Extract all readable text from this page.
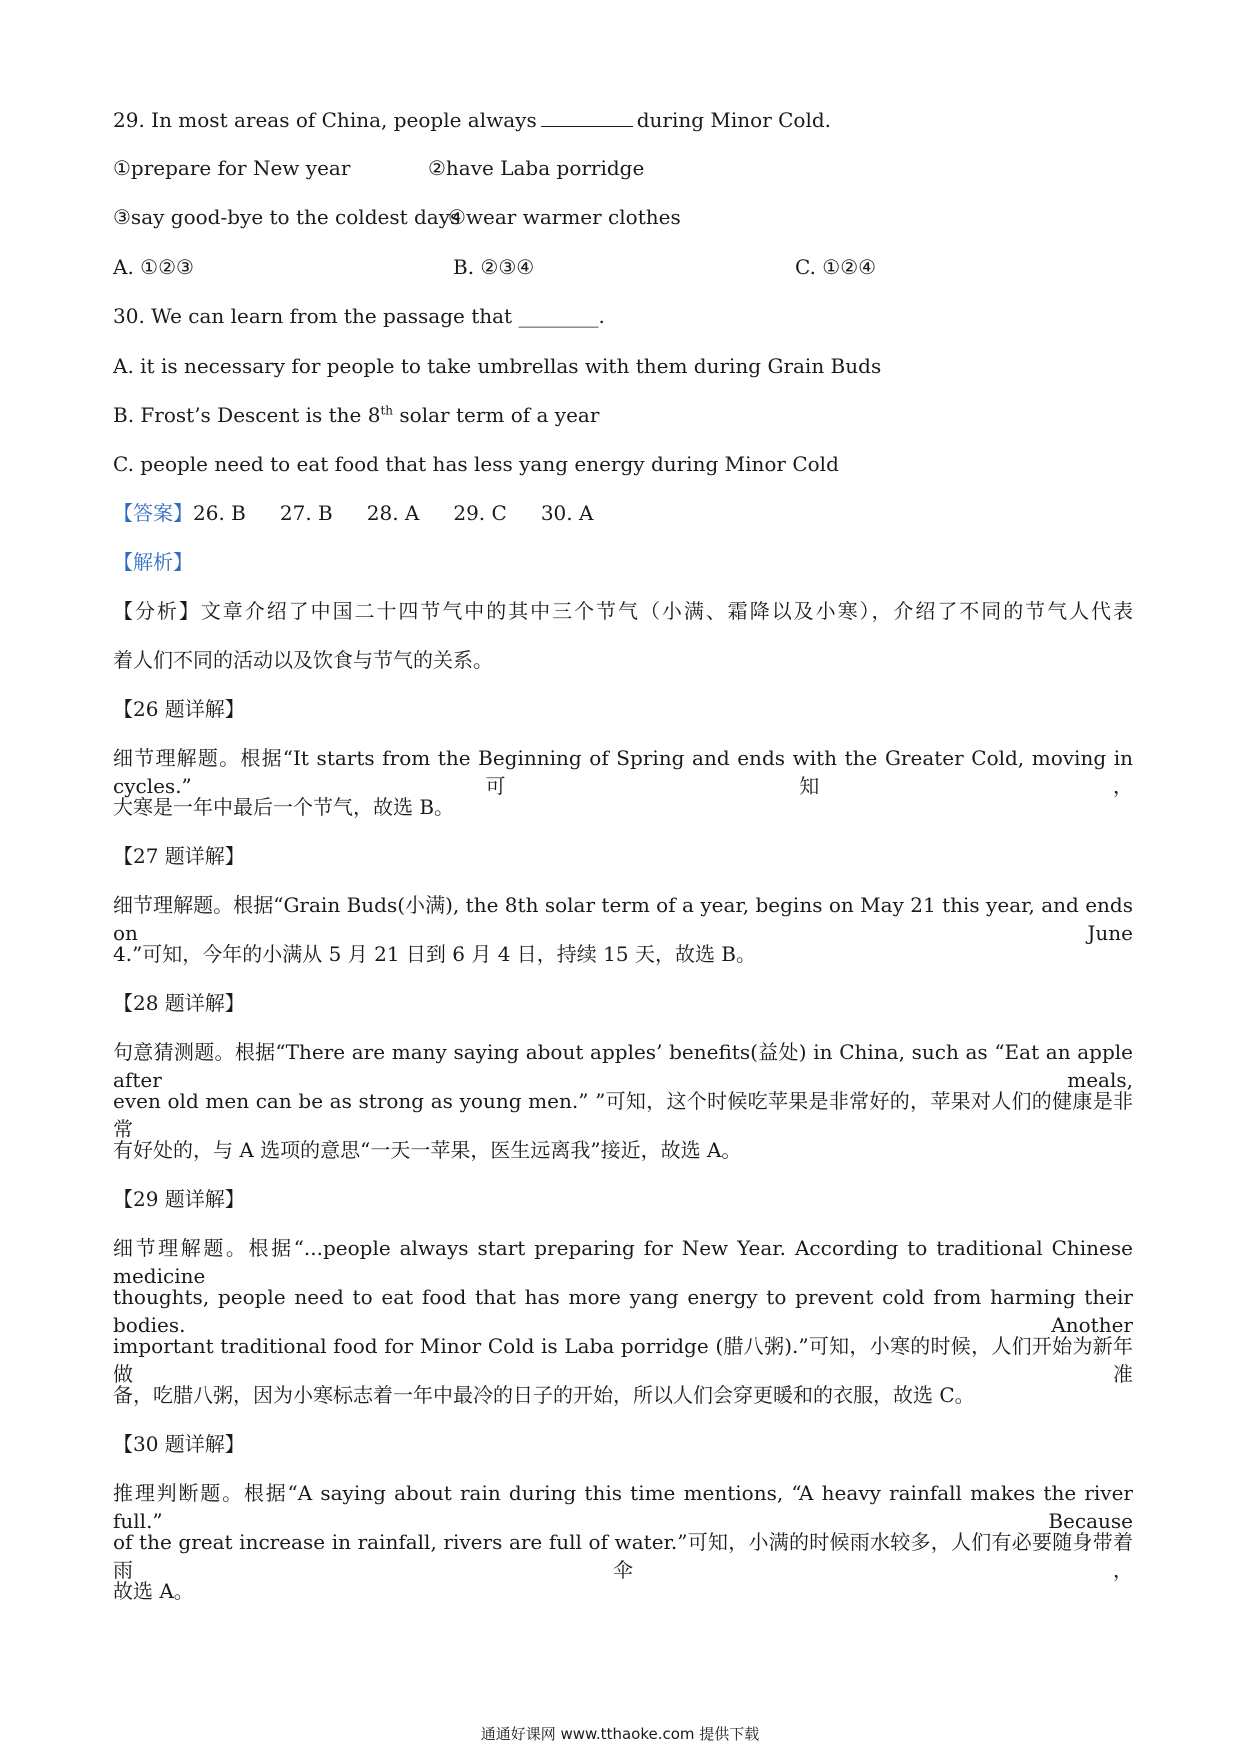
29. In most areas of China, people always	during Minor Cold.
①prepare for New year	②have Laba porridge
③say good-bye to the coldest days
④wear warmer clothes
A. ①②③	B. ②③④	C. ①②④
30. We can learn from the passage that ________.
A. it is necessary for people to take umbrellas with them during Grain Buds
B. Frost’s Descent is the 8th solar term of a year
C. people need to eat food that has less yang energy during Minor Cold
【答案】26. B 27. B 28. A 29. C 30. A
【解析】
【分析】文章介绍了中国二十四节气中的其中三个节气（小满、霜降以及小寒），介绍了不同的节气人代表
着人们不同的活动以及饮食与节气的关系。
【26 题详解】
细节理解题。根据“It starts from the Beginning of Spring and ends with the Greater Cold, moving in cycles.”可知，
大寒是一年中最后一个节气，故选 B。
【27 题详解】
细节理解题。根据“Grain Buds(小满), the 8th solar term of a year, begins on May 21 this year, and ends on June
4.”可知，今年的小满从 5 月 21 日到 6 月 4 日，持续 15 天，故选 B。
【28 题详解】
句意猜测题。根据“There are many saying about apples’ benefits(益处) in China, such as “Eat an apple after meals,
even old men can be as strong as young men.” ”可知，这个时候吃苹果是非常好的，苹果对人们的健康是非常
有好处的，与 A 选项的意思“一天一苹果，医生远离我”接近，故选 A。
【29 题详解】
细节理解题。根据“...people always start preparing for New Year. According to traditional Chinese medicine
thoughts, people need to eat food that has more yang energy to prevent cold from harming their bodies. Another
important traditional food for Minor Cold is Laba porridge (腊八粥).”可知，小寒的时候，人们开始为新年做准
备，吃腊八粥，因为小寒标志着一年中最冷的日子的开始，所以人们会穿更暖和的衣服，故选 C。
【30 题详解】
推理判断题。根据“A saying about rain during this time mentions, “A heavy rainfall makes the river full.” Because
of the great increase in rainfall, rivers are full of water.”可知，小满的时候雨水较多，人们有必要随身带着雨伞，
故选 A。
通通好课网 www.tthaoke.com 提供下载
